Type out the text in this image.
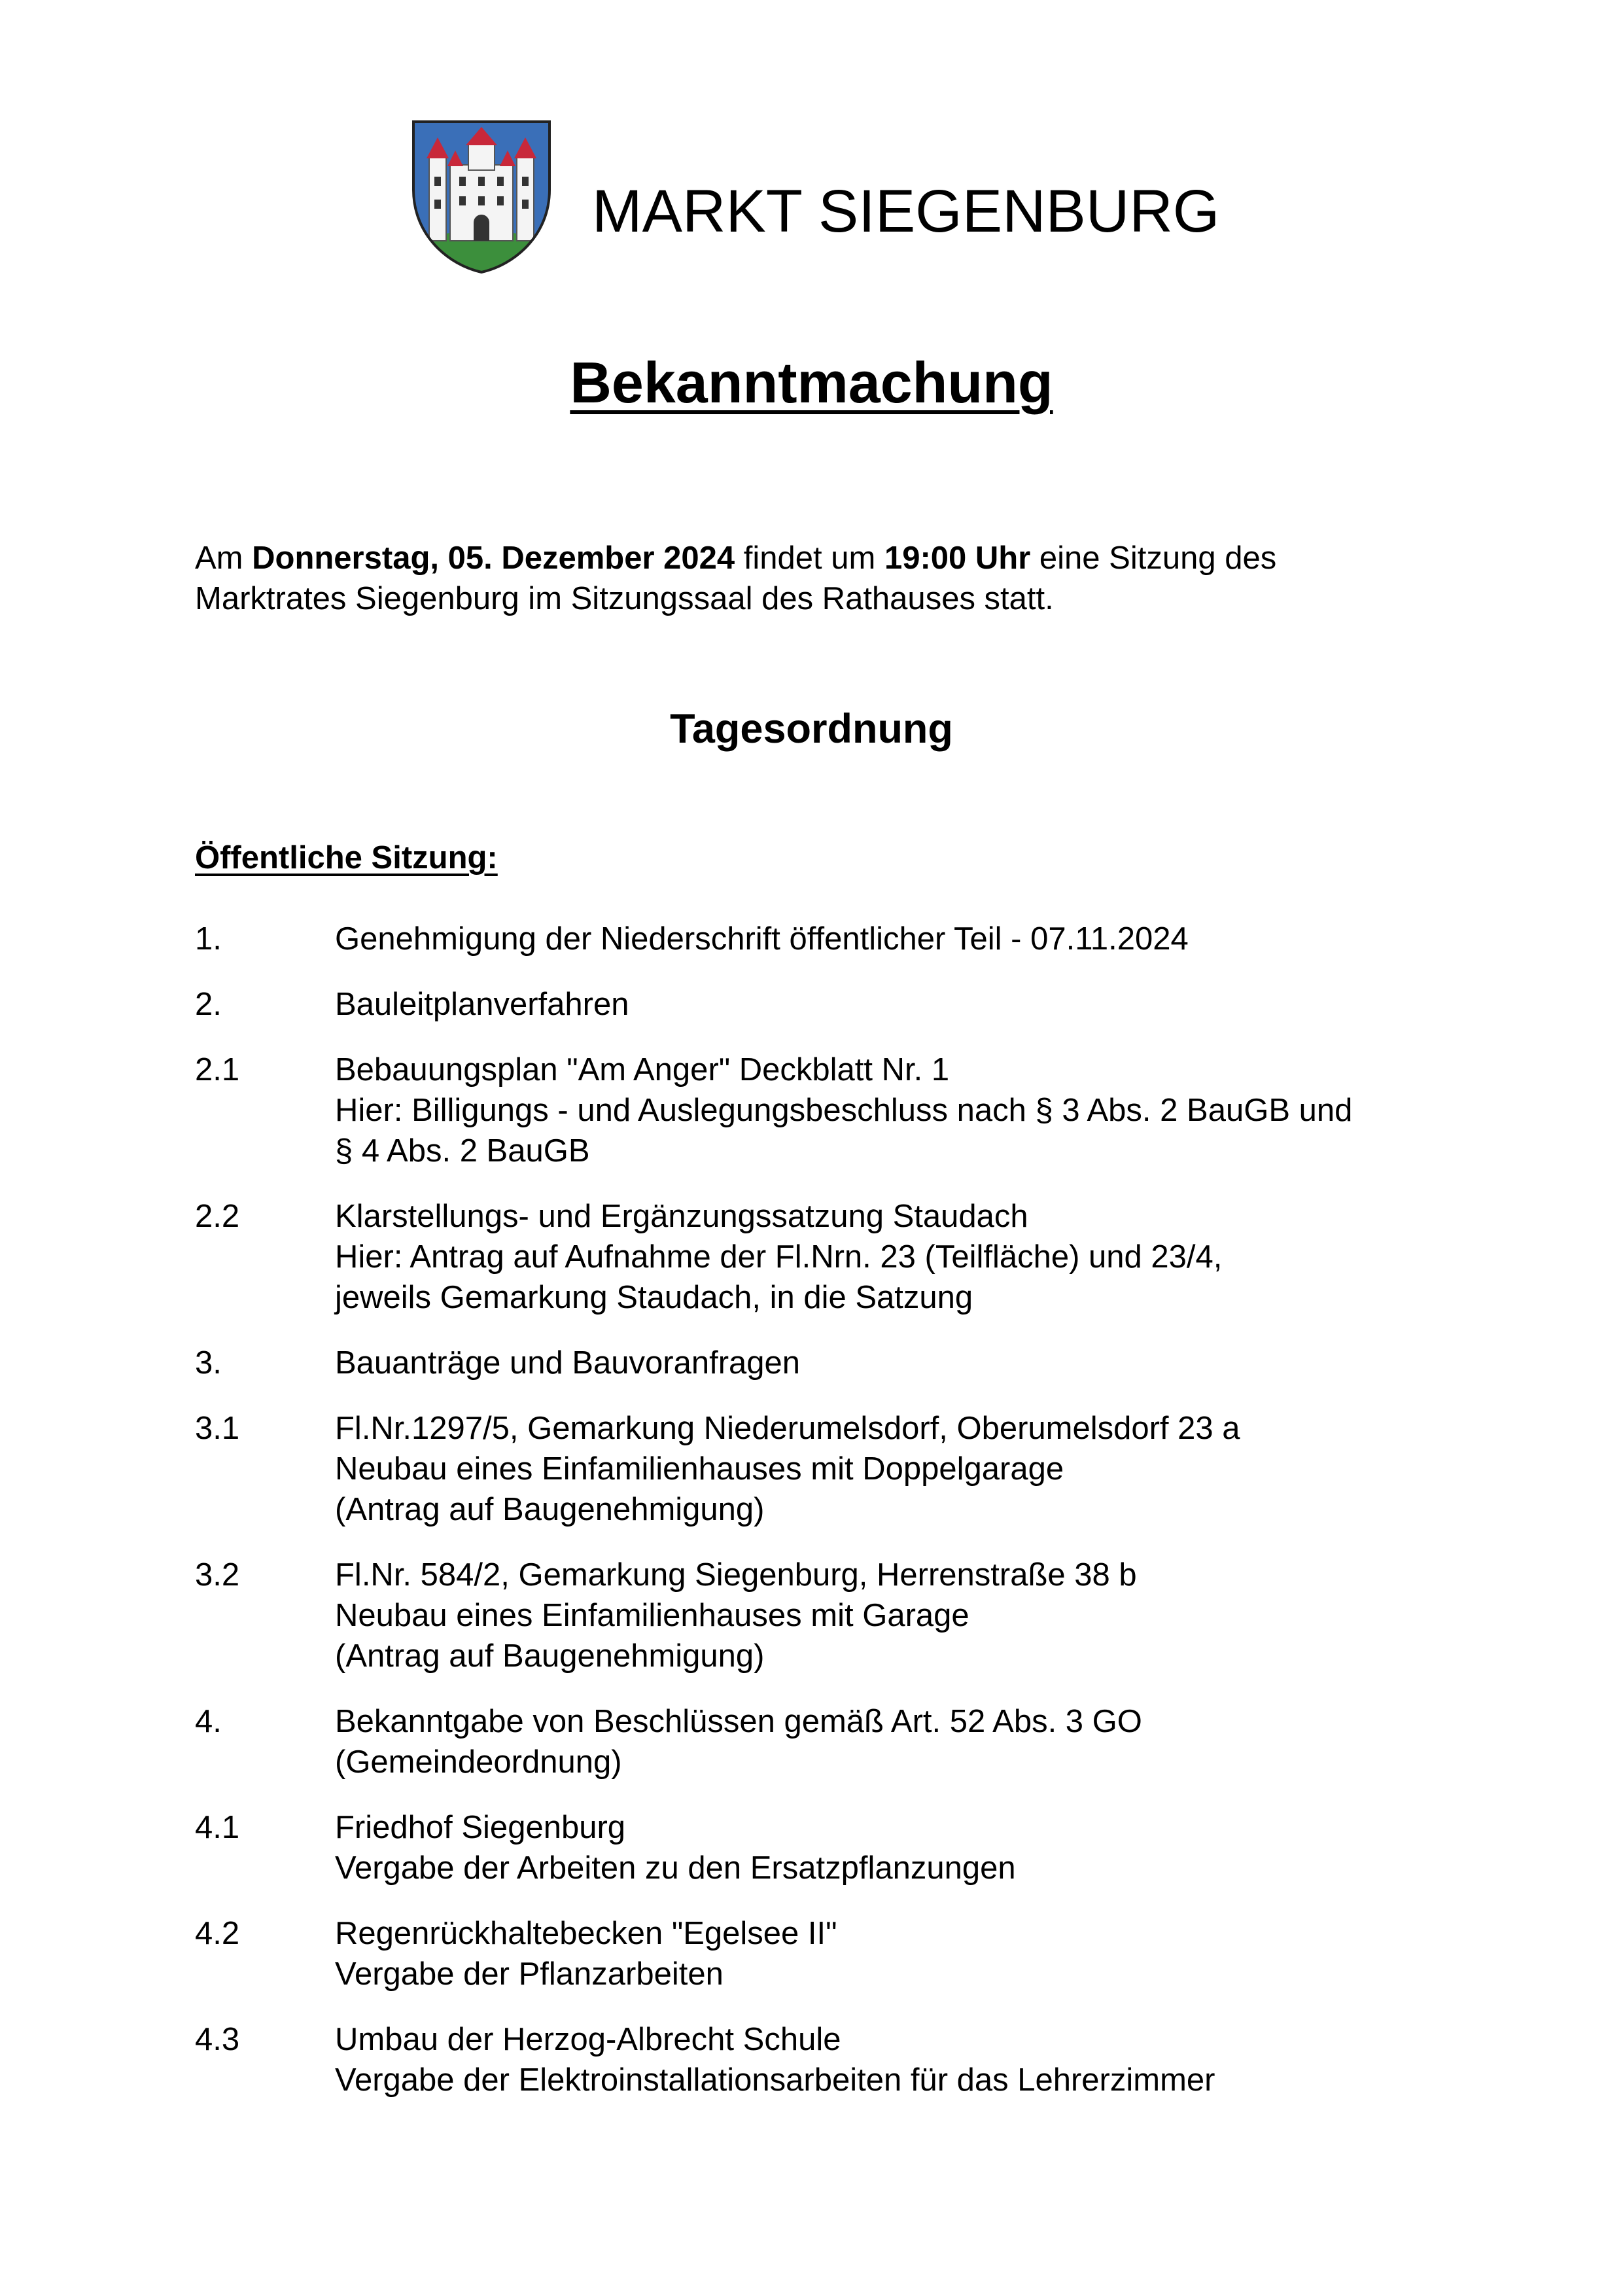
MARKT SIEGENBURG
Bekanntmachung
Am Donnerstag, 05. Dezember 2024 findet um 19:00 Uhr eine Sitzung des
Marktrates Siegenburg im Sitzungssaal des Rathauses statt.
Tagesordnung
Öffentliche Sitzung:
1.	Genehmigung der Niederschrift öffentlicher Teil - 07.11.2024
2.	Bauleitplanverfahren
2.1	Bebauungsplan "Am Anger" Deckblatt Nr. 1
Hier: Billigungs - und Auslegungsbeschluss nach § 3 Abs. 2 BauGB und
§ 4 Abs. 2 BauGB
2.2	Klarstellungs- und Ergänzungssatzung Staudach
Hier: Antrag auf Aufnahme der Fl.Nrn. 23 (Teilfläche) und 23/4,
jeweils Gemarkung Staudach, in die Satzung
3.	Bauanträge und Bauvoranfragen
3.1	Fl.Nr.1297/5, Gemarkung Niederumelsdorf, Oberumelsdorf 23 a
Neubau eines Einfamilienhauses mit Doppelgarage
(Antrag auf Baugenehmigung)
3.2	Fl.Nr. 584/2, Gemarkung Siegenburg, Herrenstraße 38 b
Neubau eines Einfamilienhauses mit Garage
(Antrag auf Baugenehmigung)
4.	Bekanntgabe von Beschlüssen gemäß Art. 52 Abs. 3 GO
(Gemeindeordnung)
4.1	Friedhof Siegenburg
Vergabe der Arbeiten zu den Ersatzpflanzungen
4.2	Regenrückhaltebecken "Egelsee II"
Vergabe der Pflanzarbeiten
4.3	Umbau der Herzog-Albrecht Schule
Vergabe der Elektroinstallationsarbeiten für das Lehrerzimmer
